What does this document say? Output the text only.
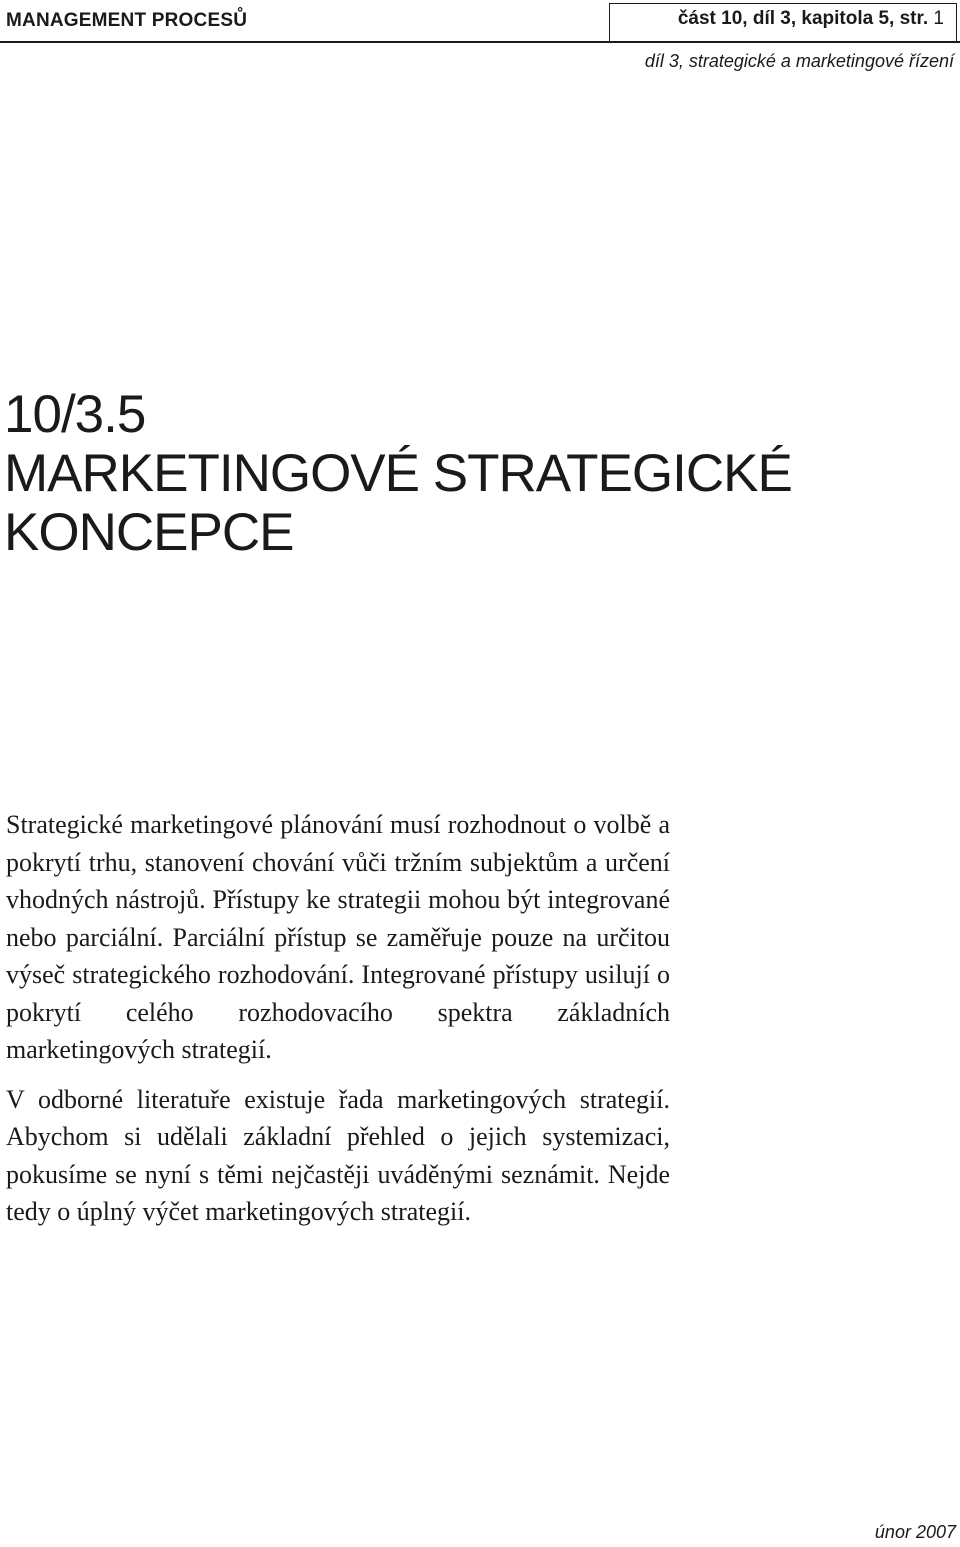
MANAGEMENT PROCESŮ	část 10, díl 3, kapitola 5, str. 1
díl 3, strategické a marketingové řízení
10/3.5
MARKETINGOVÉ STRATEGICKÉ
KONCEPCE

Strategické marketingové plánování musí rozhodnout o volbě a pokrytí trhu, stanovení chování vůči tržním subjektům a určení vhodných nástrojů. Přístupy ke strategii mohou být integrované nebo parciální. Parciální přístup se zaměřuje pouze na určitou výseč strategického rozhodování. Integrované přístupy usilují o pokrytí celého rozhodovacího spektra základních marketingových strategií.

V odborné literatuře existuje řada marketingových strategií. Abychom si udělali základní přehled o jejich systemizaci, pokusíme se nyní s těmi nejčastěji uváděnými seznámit. Nejde tedy o úplný výčet marketingových strategií.

únor 2007
